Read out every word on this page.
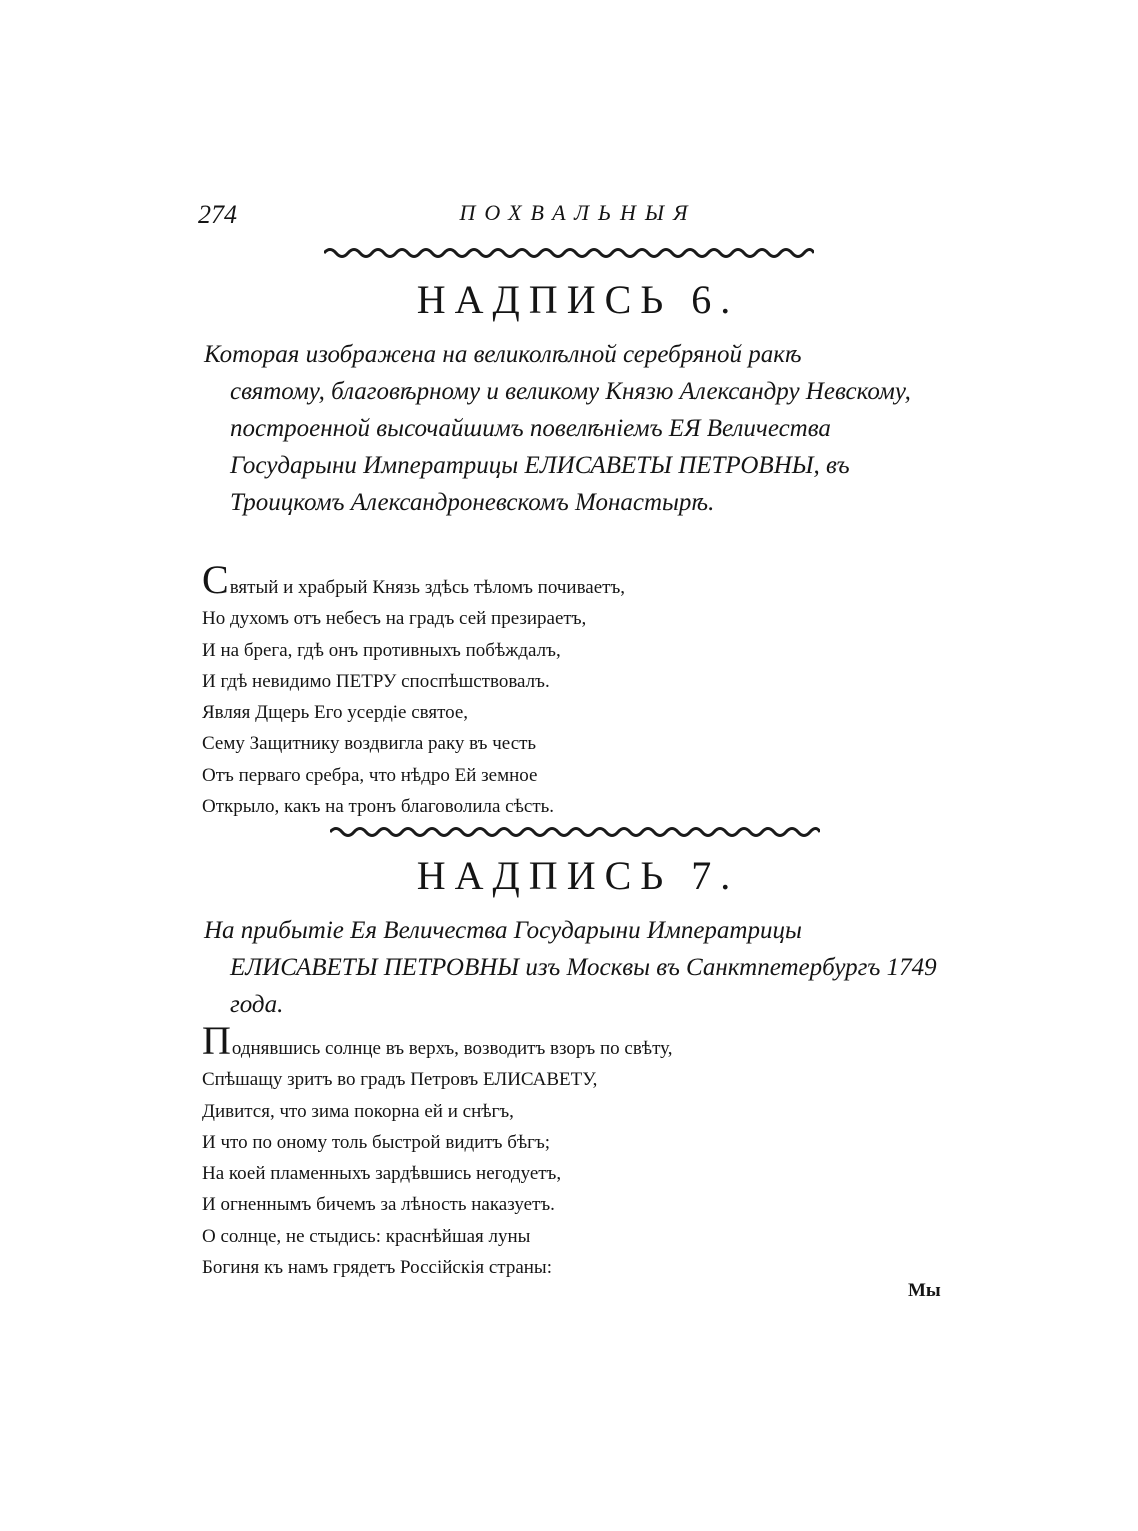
274	ПОХВАЛЬНЫЯ
НАДПИСЬ 6.
Которая изображена на великолѣлной серебряной ракѣ
святому, благовѣрному и великому Князю Александру Невскому, построенной высочайшимъ повелѣнiемъ ЕЯ Величества Государыни Императрицы ЕЛИСАВЕТЫ ПЕТРОВНЫ, въ Троицкомъ Александроневскомъ Монастырѣ.
Святый и храбрый Князь здѣсь тѣломъ почиваетъ,
Но духомъ отъ небесъ на градъ сей презираетъ,
И на брега, гдѣ онъ противныхъ побѣждалъ,
И гдѣ невидимо ПЕТРУ споспѣшствовалъ.
Являя Дщерь Его усердiе святое,
Сему Защитнику воздвигла раку въ честь
Отъ перваго сребра, что нѣдро Ей земное
Открыло, какъ на тронъ благоволила сѣсть.
НАДПИСЬ 7.
На прибытiе Ея Величества Государыни Императрицы
ЕЛИСАВЕТЫ ПЕТРОВНЫ изъ Москвы въ Санктпетербургъ 1749 года.
Поднявшись солнце въ верхъ, возводитъ взоръ по свѣту,
Спѣшащу зритъ во градъ Петровъ ЕЛИСАВЕТУ,
Дивится, что зима покорна ей и снѣгъ,
И что по оному толь быстрой видитъ бѣгъ;
На коей пламенныхъ зардѣвшись негодуетъ,
И огненнымъ бичемъ за лѣность наказуетъ.
О солнце, не стыдись: краснѣйшая луны
Богиня къ намъ грядетъ Россiйскiя страны:
Мы
